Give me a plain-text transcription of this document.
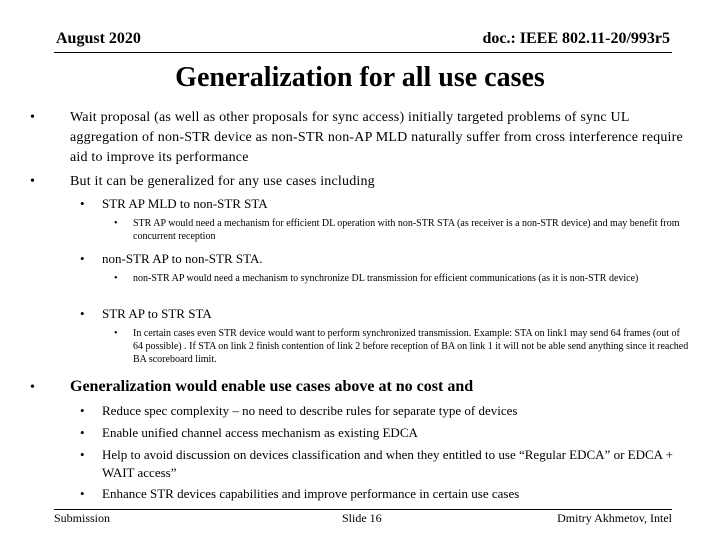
August 2020	doc.: IEEE 802.11-20/993r5
Generalization for all use cases
• Wait proposal (as well as other proposals for sync access) initially targeted problems of sync UL aggregation of non-STR device as non-STR non-AP MLD naturally suffer from cross interference require aid to improve its performance
• But it can be generalized for any use cases including
• STR AP MLD to non-STR STA
• STR AP would need a mechanism for efficient DL operation with non-STR STA (as receiver is a non-STR device) and may benefit from concurrent reception
• non-STR AP to non-STR STA.
• non-STR AP would need a mechanism to synchronize DL transmission for efficient communications (as it is non-STR device)
• STR AP to STR STA
• In certain cases even STR device would want to perform synchronized transmission. Example: STA on link1 may send 64 frames (out of 64 possible) . If STA on link 2 finish contention of link 2 before reception of BA on link 1 it will not be able send anything since it reached BA scoreboard limit.
• Generalization would enable use cases above at no cost and
• Reduce spec complexity – no need to describe rules for separate type of devices
• Enable unified channel access mechanism as existing EDCA
• Help to avoid discussion on devices classification and when they entitled to use “Regular EDCA” or EDCA + WAIT access”
• Enhance STR devices capabilities and improve performance in certain use cases
Submission	Slide 16	Dmitry Akhmetov, Intel
